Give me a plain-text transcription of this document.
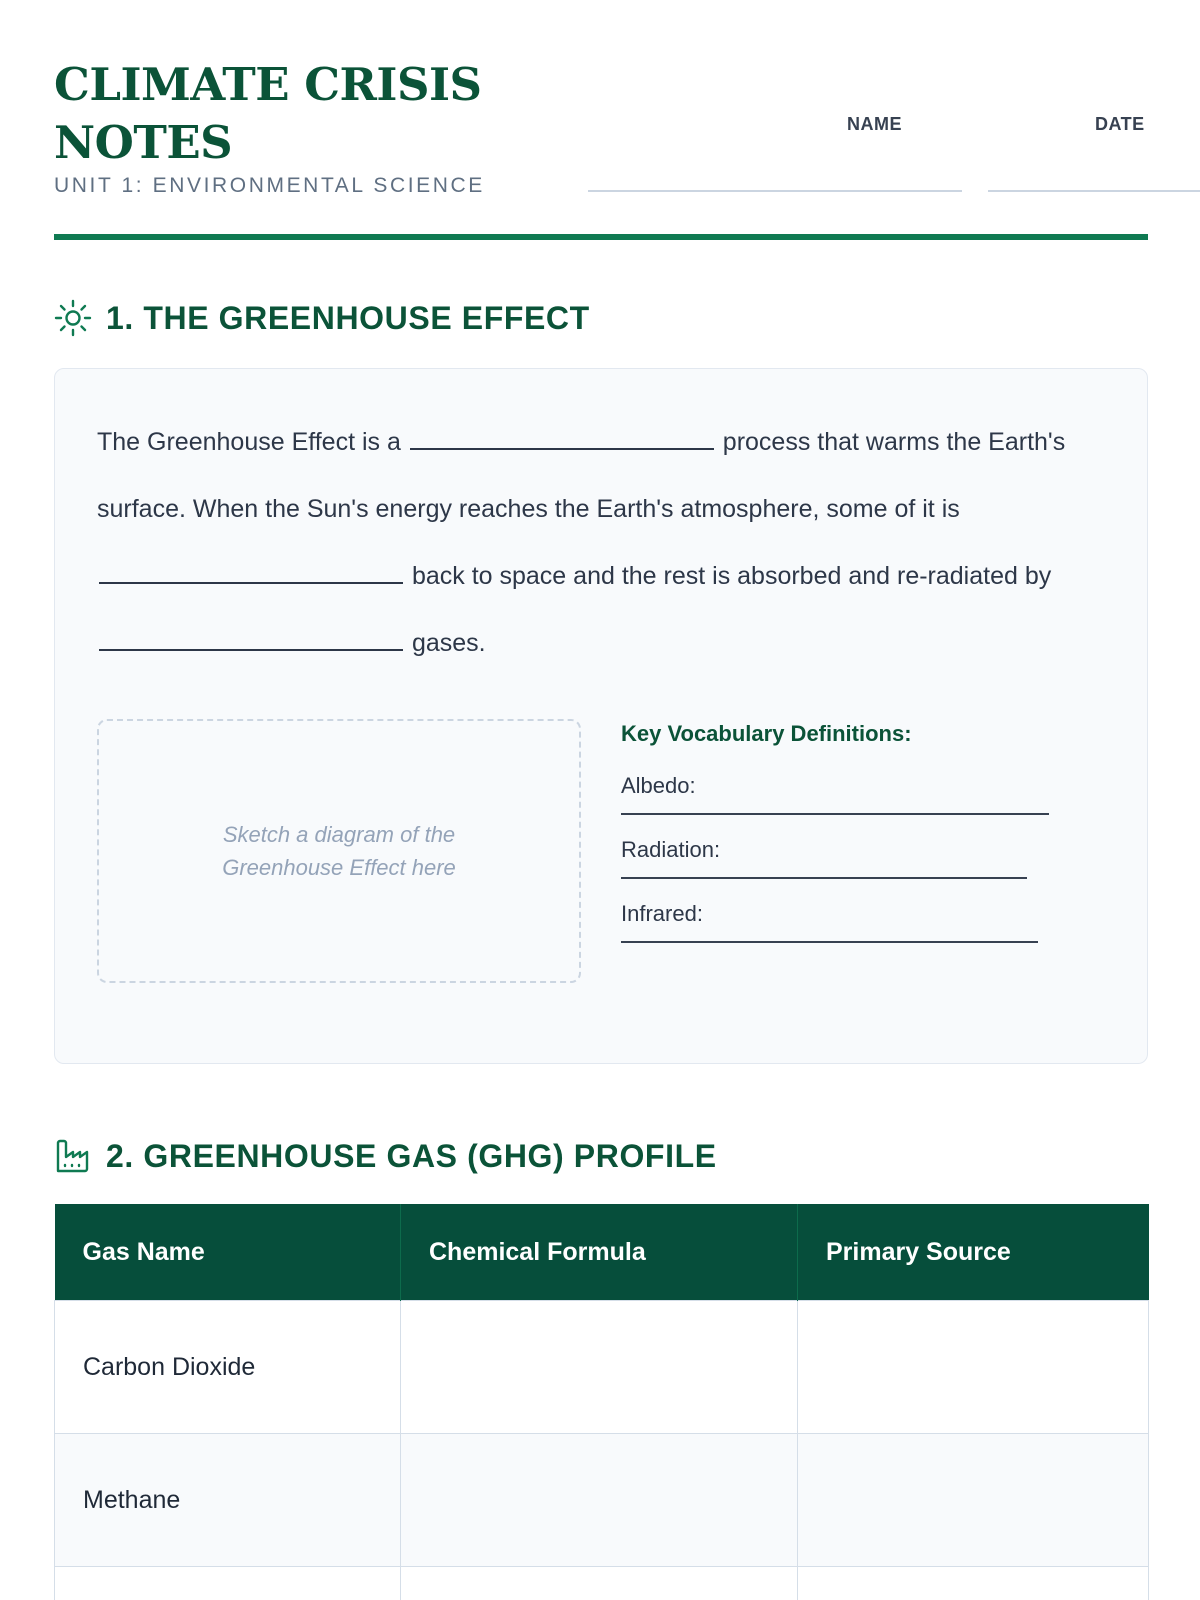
CLIMATE CRISIS NOTES
UNIT 1: ENVIRONMENTAL SCIENCE
NAME	DATE
1. THE GREENHOUSE EFFECT

The Greenhouse Effect is a	process that warms the Earth's surface. When the Sun's energy reaches the Earth's atmosphere, some of it is  back to space and the rest is absorbed and re-radiated by  gases.

Sketch a diagram of the Greenhouse Effect here
Key Vocabulary Definitions:
Albedo:
Radiation:
Infrared:
2. GREENHOUSE GAS (GHG) PROFILE
Gas Name	Chemical Formula	Primary Source
Carbon Dioxide		
Methane		
